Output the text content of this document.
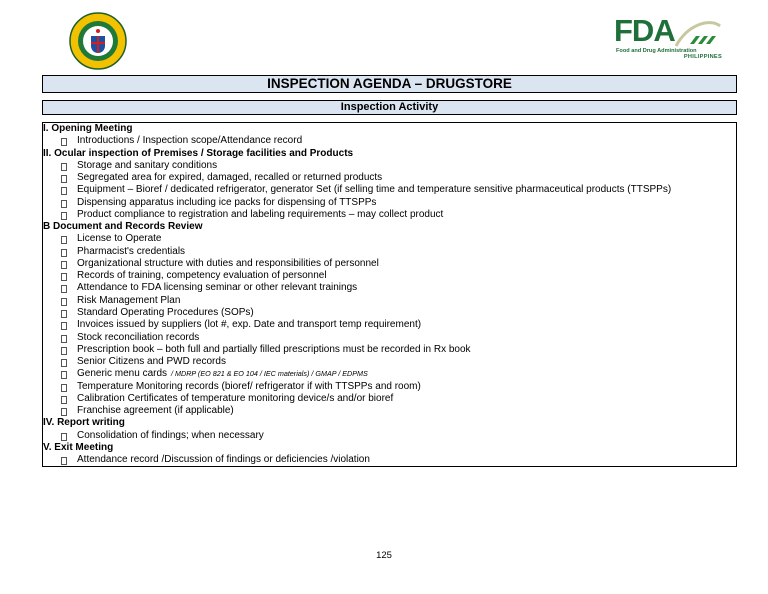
FDA
Food and Drug Administration
PHILIPPINES
INSPECTION AGENDA – DRUGSTORE
Inspection Activity
I. Opening Meeting
Introductions / Inspection scope/Attendance record
II. Ocular inspection of Premises / Storage facilities and Products
Storage and sanitary conditions
Segregated area for expired, damaged, recalled or returned products
Equipment – Bioref / dedicated refrigerator, generator Set (if selling time and temperature sensitive pharmaceutical products (TTSPPs)
Dispensing apparatus including ice packs for dispensing of TTSPPs
Product compliance to registration and labeling requirements – may collect product
B Document and Records Review
License to Operate
Pharmacist's credentials
Organizational structure with duties and responsibilities of personnel
Records of training, competency evaluation of personnel
Attendance to FDA licensing seminar or other relevant trainings
Risk Management Plan
Standard Operating Procedures (SOPs)
Invoices issued by suppliers (lot #, exp. Date and transport temp requirement)
Stock reconciliation records
Prescription book – both full and partially filled prescriptions must be recorded in Rx book
Senior Citizens and PWD records
Generic menu cards / MDRP (EO 821 & EO 104 / IEC materials) / GMAP / EDPMS
Temperature Monitoring records (bioref/ refrigerator if with TTSPPs and room)
Calibration Certificates of temperature monitoring device/s and/or bioref
Franchise agreement (if applicable)
IV. Report writing
Consolidation of findings; when necessary
V. Exit Meeting
Attendance record /Discussion of findings or deficiencies /violation
125
